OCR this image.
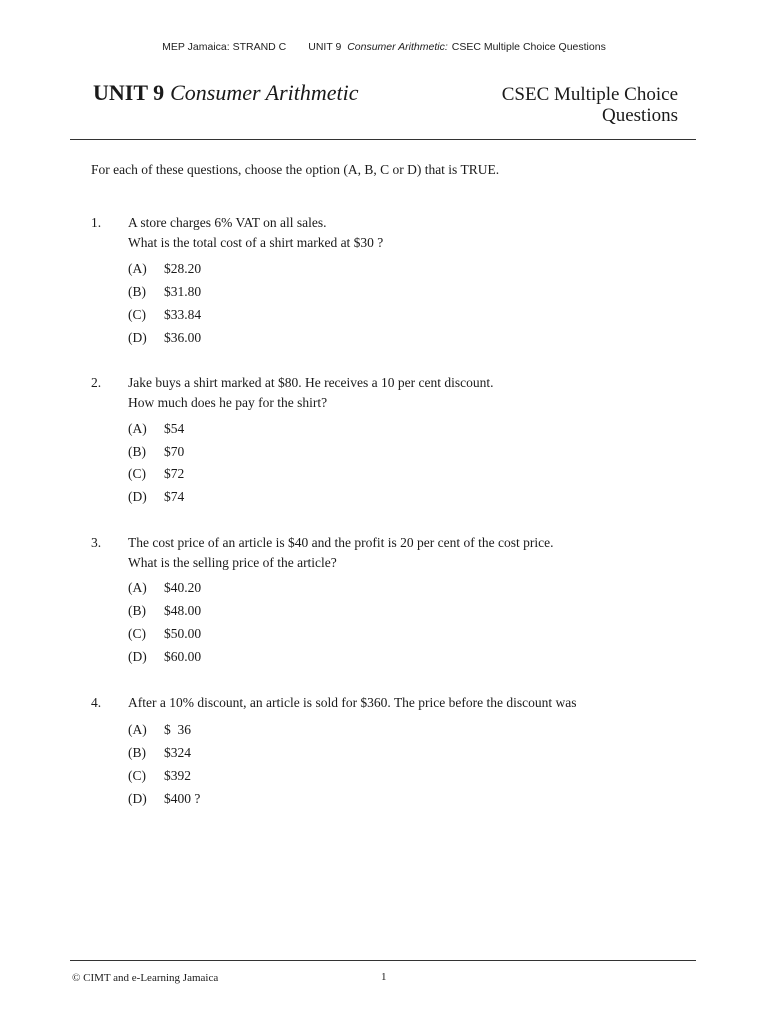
MEP Jamaica: STRAND C UNIT 9 Consumer Arithmetic: CSEC Multiple Choice Questions
UNIT 9 Consumer Arithmetic	CSEC Multiple Choice
Questions
For each of these questions, choose the option (A, B, C or D) that is TRUE.
1. A store charges 6% VAT on all sales.
What is the total cost of a shirt marked at $30 ?
(A) $28.20
(B) $31.80
(C) $33.84
(D) $36.00
2. Jake buys a shirt marked at $80. He receives a 10 per cent discount.
How much does he pay for the shirt?
(A) $54
(B) $70
(C) $72
(D) $74
3. The cost price of an article is $40 and the profit is 20 per cent of the cost price.
What is the selling price of the article?
(A) $40.20
(B) $48.00
(C) $50.00
(D) $60.00
4. After a 10% discount, an article is sold for $360. The price before the discount was
(A) $  36
(B) $324
(C) $392
(D) $400 ?
© CIMT and e-Learning Jamaica	1
